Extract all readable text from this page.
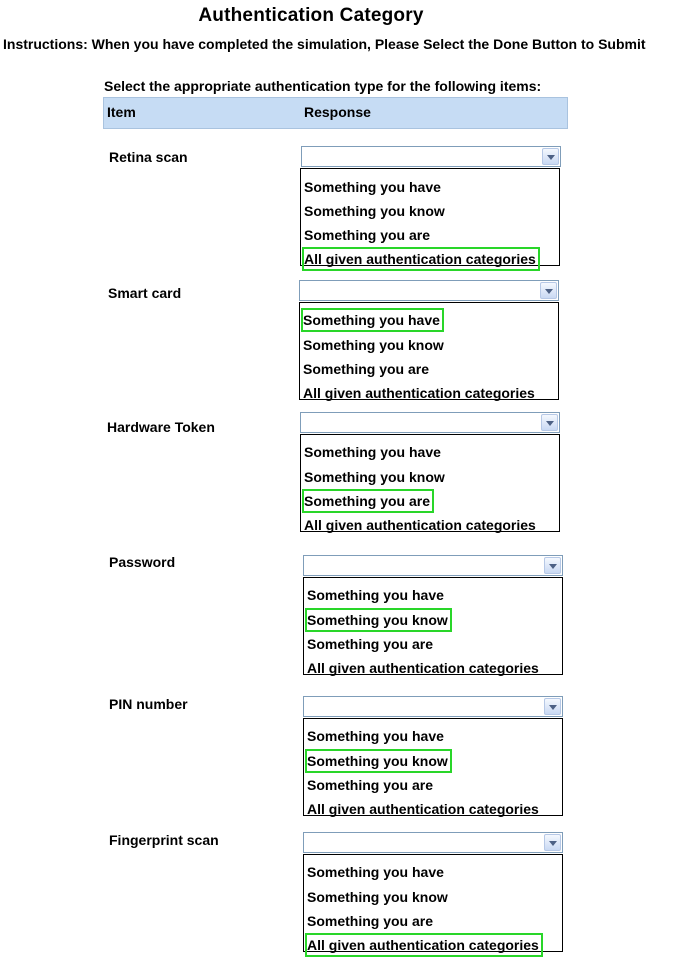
Authentication Category
Instructions: When you have completed the simulation, Please Select the Done Button to Submit
Select the appropriate authentication type for the following items:
Item	Response
Retina scan
Something you have
Something you know
Something you are
All given authentication categories
Smart card
Something you have
Something you know
Something you are
All given authentication categories
Hardware Token
Something you have
Something you know
Something you are
All given authentication categories
Password
Something you have
Something you know
Something you are
All given authentication categories
PIN number
Something you have
Something you know
Something you are
All given authentication categories
Fingerprint scan
Something you have
Something you know
Something you are
All given authentication categories
